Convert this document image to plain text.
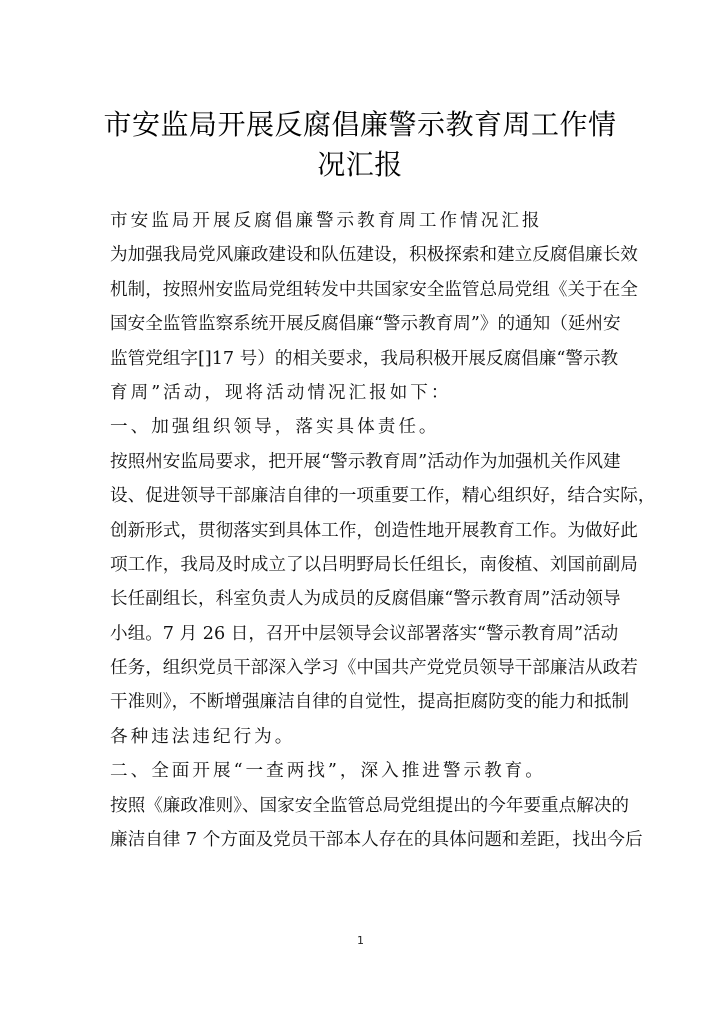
市安监局开展反腐倡廉警示教育周工作情
况汇报
市安监局开展反腐倡廉警示教育周工作情况汇报
为加强我局党风廉政建设和队伍建设，积极探索和建立反腐倡廉长效
机制，按照州安监局党组转发中共国家安全监管总局党组《关于在全
国安全监管监察系统开展反腐倡廉“警示教育周”》的通知（延州安
监管党组字[]17 号）的相关要求，我局积极开展反腐倡廉“警示教
育周”活动，现将活动情况汇报如下：
一、加强组织领导，落实具体责任。
按照州安监局要求，把开展“警示教育周”活动作为加强机关作风建
设、促进领导干部廉洁自律的一项重要工作，精心组织好，结合实际，
创新形式，贯彻落实到具体工作，创造性地开展教育工作。为做好此
项工作，我局及时成立了以吕明野局长任组长，南俊植、刘国前副局
长任副组长，科室负责人为成员的反腐倡廉“警示教育周”活动领导
小组。7 月 26 日，召开中层领导会议部署落实“警示教育周”活动
任务，组织党员干部深入学习《中国共产党党员领导干部廉洁从政若
干准则》，不断增强廉洁自律的自觉性，提高拒腐防变的能力和抵制
各种违法违纪行为。
二、全面开展“一查两找”，深入推进警示教育。
按照《廉政准则》、国家安全监管总局党组提出的今年要重点解决的
廉洁自律 7 个方面及党员干部本人存在的具体问题和差距，找出今后
1
